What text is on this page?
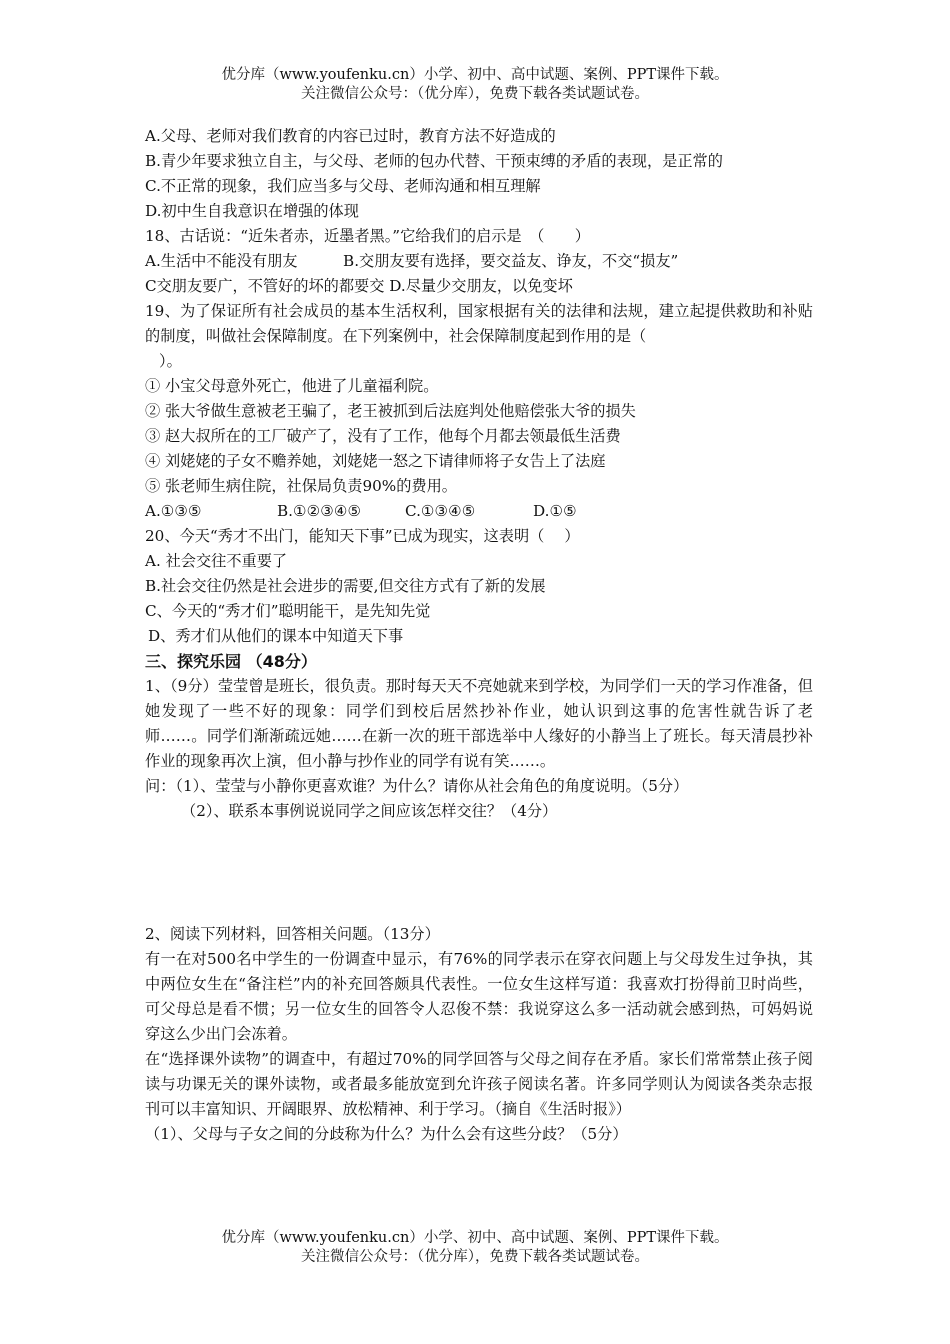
优分库（www.youfenku.cn）小学、初中、高中试题、案例、PPT课件下载。
关注微信公众号：（优分库），免费下载各类试题试卷。
A.父母、老师对我们教育的内容已过时，教育方法不好造成的
B.青少年要求独立自主，与父母、老师的包办代替、干预束缚的矛盾的表现，是正常的
C.不正常的现象，我们应当多与父母、老师沟通和相互理解
D.初中生自我意识在增强的体现
18、古话说：“近朱者赤，近墨者黑。”它给我们的启示是　（　　）
A.生活中不能没有朋友　　　B.交朋友要有选择，要交益友、诤友，不交“损友”
C交朋友要广，不管好的坏的都要交 D.尽量少交朋友，以免变坏
19、为了保证所有社会成员的基本生活权利，国家根据有关的法律和法规，建立起提供救助和补贴的制度，叫做社会保障制度。在下列案例中，社会保障制度起到作用的是（
）。
① 小宝父母意外死亡，他进了儿童福利院。
② 张大爷做生意被老王骗了，老王被抓到后法庭判处他赔偿张大爷的损失
③ 赵大叔所在的工厂破产了，没有了工作，他每个月都去领最低生活费
④ 刘姥姥的子女不赡养她，刘姥姥一怒之下请律师将子女告上了法庭
⑤ 张老师生病住院，社保局负责90%的费用。
A.①③⑤	B.①②③④⑤	C.①③④⑤	D.①⑤
20、今天“秀才不出门，能知天下事”已成为现实，这表明（　 ）
A. 社会交往不重要了
B.社会交往仍然是社会进步的需要,但交往方式有了新的发展
C、今天的“秀才们”聪明能干，是先知先觉
D、秀才们从他们的课本中知道天下事
三、探究乐园 （48分）
1、（9分）莹莹曾是班长，很负责。那时每天天不亮她就来到学校，为同学们一天的学习作准备，但她发现了一些不好的现象：同学们到校后居然抄补作业，她认识到这事的危害性就告诉了老师……。同学们渐渐疏远她……在新一次的班干部选举中人缘好的小静当上了班长。每天清晨抄补作业的现象再次上演，但小静与抄作业的同学有说有笑……。
问：（1）、莹莹与小静你更喜欢谁？为什么？请你从社会角色的角度说明。（5分）
（2）、联系本事例说说同学之间应该怎样交往？（4分）
2、阅读下列材料，回答相关问题。（13分）
有一在对500名中学生的一份调查中显示，有76%的同学表示在穿衣问题上与父母发生过争执，其中两位女生在“备注栏”内的补充回答颇具代表性。一位女生这样写道：我喜欢打扮得前卫时尚些，可父母总是看不惯；另一位女生的回答令人忍俊不禁：我说穿这么多一活动就会感到热，可妈妈说穿这么少出门会冻着。
在“选择课外读物”的调查中，有超过70%的同学回答与父母之间存在矛盾。家长们常常禁止孩子阅读与功课无关的课外读物，或者最多能放宽到允许孩子阅读名著。许多同学则认为阅读各类杂志报刊可以丰富知识、开阔眼界、放松精神、利于学习。（摘自《生活时报》）
（1）、父母与子女之间的分歧称为什么？为什么会有这些分歧？（5分）
优分库（www.youfenku.cn）小学、初中、高中试题、案例、PPT课件下载。
关注微信公众号：（优分库），免费下载各类试题试卷。
